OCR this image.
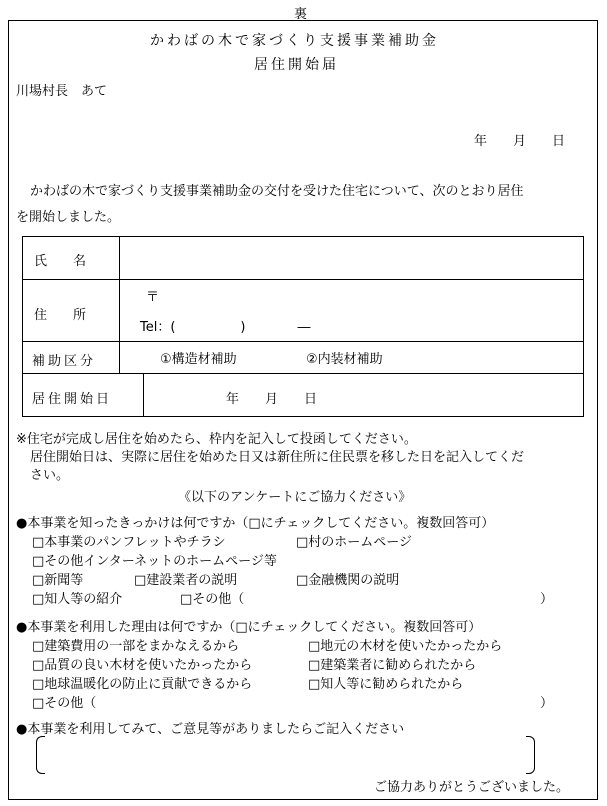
裏
かわばの木で家づくり支援事業補助金
居住開始届
川場村長　あて
年　　月　　日
かわばの木で家づくり支援事業補助金の交付を受けた住宅について、次のとおり居住
を開始しました。
氏　　名
住　　所
〒
Tel：(　　　　　)　　　　―
補助区分	①構造材補助	②内装材補助
居住開始日	年　　月　　日
※住宅が完成し居住を始めたら、枠内を記入して投函してください。
居住開始日は、実際に居住を始めた日又は新住所に住民票を移した日を記入してくだ
さい。
《以下のアンケートにご協力ください》
●本事業を知ったきっかけは何ですか（□にチェックしてください。複数回答可）
□本事業のパンフレットやチラシ	□村のホームページ
□その他インターネットのホームページ等
□新聞等	□建設業者の説明	□金融機関の説明
□知人等の紹介	□その他（	）
●本事業を利用した理由は何ですか（□にチェックしてください。複数回答可）
□建築費用の一部をまかなえるから	□地元の木材を使いたかったから
□品質の良い木材を使いたかったから	□建築業者に勧められたから
□地球温暖化の防止に貢献できるから	□知人等に勧められたから
□その他（	）
●本事業を利用してみて、ご意見等がありましたらご記入ください
ご協力ありがとうございました。
